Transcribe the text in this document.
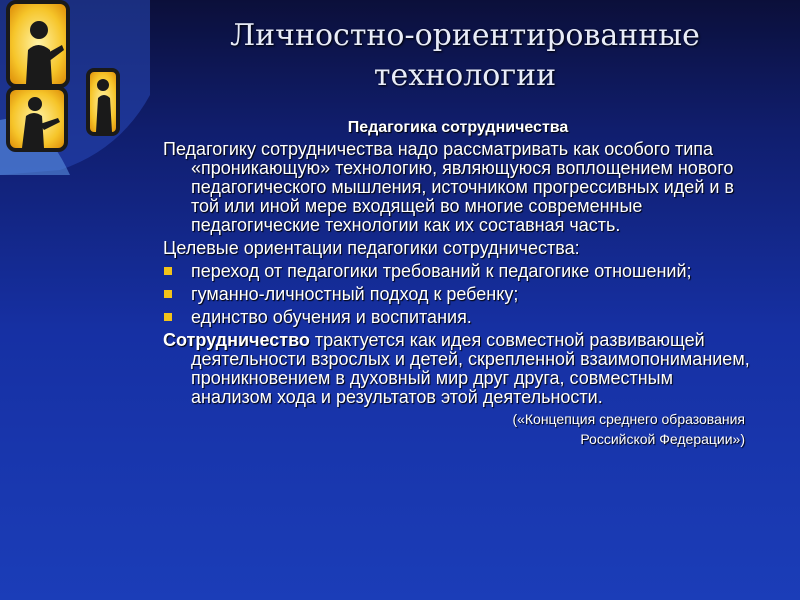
Личностно-ориентированные
технологии
Педагогика сотрудничества

Педагогику сотрудничества надо рассматривать как особого типа «проникающую» технологию, являющуюся воплощением нового педагогического мышления, источником прогрессивных идей и в той или иной мере входящей во многие современные педагогические технологии как их составная часть.

Целевые ориентации педагогики сотрудничества:

переход от педагогики требований к педагогике отношений;
гуманно-личностный подход к ребенку;
единство обучения и воспитания.

Сотрудничество трактуется как идея совместной развивающей деятельности взрослых и детей, скрепленной взаимопониманием, проникновением в духовный мир друг друга, совместным анализом хода и результатов этой деятельности.

(«Концепция среднего образования
Российской Федерации»)
